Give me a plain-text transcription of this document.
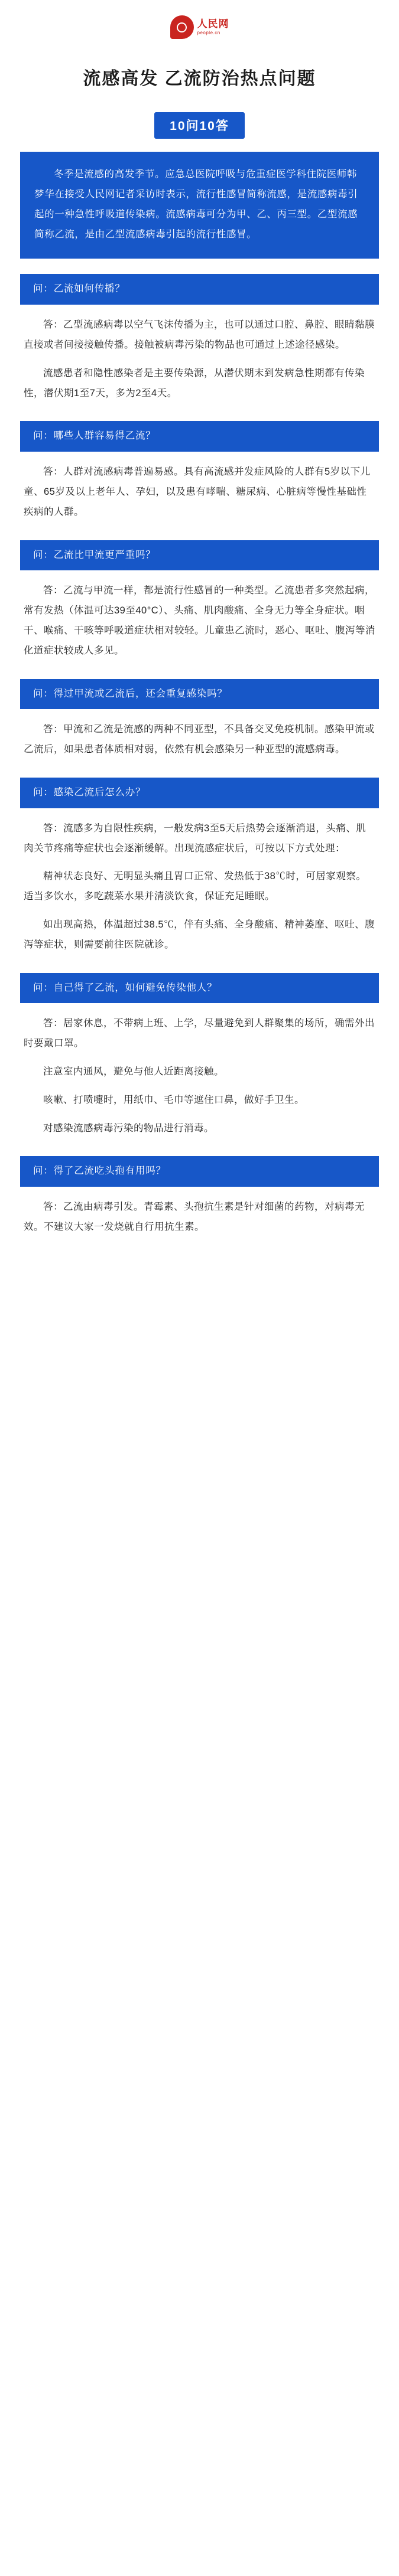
人民网
people.cn
流感高发 乙流防治热点问题
10问10答

冬季是流感的高发季节。应急总医院呼吸与危重症医学科住院医师韩梦华在接受人民网记者采访时表示，流行性感冒简称流感，是流感病毒引起的一种急性呼吸道传染病。流感病毒可分为甲、乙、丙三型。乙型流感简称乙流，是由乙型流感病毒引起的流行性感冒。

问：乙流如何传播？

答：乙型流感病毒以空气飞沫传播为主，也可以通过口腔、鼻腔、眼睛黏膜直接或者间接接触传播。接触被病毒污染的物品也可通过上述途径感染。

流感患者和隐性感染者是主要传染源，从潜伏期末到发病急性期都有传染性，潜伏期1至7天，多为2至4天。

问：哪些人群容易得乙流？

答：人群对流感病毒普遍易感。具有高流感并发症风险的人群有5岁以下儿童、65岁及以上老年人、孕妇，以及患有哮喘、糖尿病、心脏病等慢性基础性疾病的人群。

问：乙流比甲流更严重吗？

答：乙流与甲流一样，都是流行性感冒的一种类型。乙流患者多突然起病，常有发热（体温可达39至40°C）、头痛、肌肉酸痛、全身无力等全身症状。咽干、喉痛、干咳等呼吸道症状相对较轻。儿童患乙流时，恶心、呕吐、腹泻等消化道症状较成人多见。

问：得过甲流或乙流后，还会重复感染吗？

答：甲流和乙流是流感的两种不同亚型，不具备交叉免疫机制。感染甲流或乙流后，如果患者体质相对弱，依然有机会感染另一种亚型的流感病毒。

问：感染乙流后怎么办？

答：流感多为自限性疾病，一般发病3至5天后热势会逐渐消退，头痛、肌肉关节疼痛等症状也会逐渐缓解。出现流感症状后，可按以下方式处理：

精神状态良好、无明显头痛且胃口正常、发热低于38℃时，可居家观察。适当多饮水，多吃蔬菜水果并清淡饮食，保证充足睡眠。

如出现高热，体温超过38.5℃，伴有头痛、全身酸痛、精神萎靡、呕吐、腹泻等症状，则需要前往医院就诊。

问：自己得了乙流，如何避免传染他人？

答：居家休息，不带病上班、上学，尽量避免到人群聚集的场所，确需外出时要戴口罩。

注意室内通风，避免与他人近距离接触。

咳嗽、打喷嚏时，用纸巾、毛巾等遮住口鼻，做好手卫生。

对感染流感病毒污染的物品进行消毒。

问：得了乙流吃头孢有用吗？

答：乙流由病毒引发。青霉素、头孢抗生素是针对细菌的药物，对病毒无效。不建议大家一发烧就自行用抗生素。
